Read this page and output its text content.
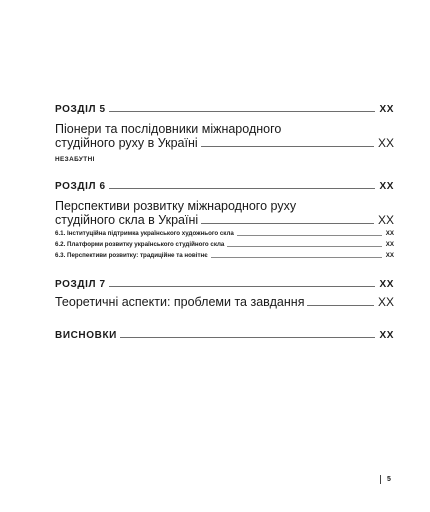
РОЗДІЛ 5	XX
Піонери та послідовники міжнародного
студійного руху в Україні	XX
НЕЗАБУТНІ
РОЗДІЛ 6	XX
Перспективи розвитку міжнародного руху
студійного скла в Україні	XX
6.1. Інституційна підтримка українського художнього скла	XX
6.2. Платформи розвитку українського студійного скла	XX
6.3. Перспективи розвитку: традиційне та новітнє	XX
РОЗДІЛ 7	XX
Теоретичні аспекти: проблеми та завдання	XX
ВИСНОВКИ	XX
5
